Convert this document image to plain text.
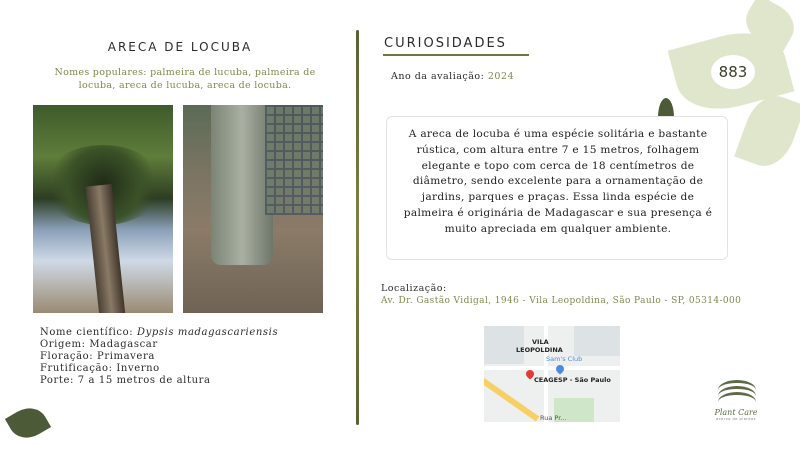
883
ARECA DE LOCUBA
Nomes populares: palmeira de lucuba, palmeira de locuba, areca de lucuba, areca de locuba.
Nome científico: Dypsis madagascariensis
Origem: Madagascar
Floração: Primavera
Frutificação: Inverno
Porte: 7 a 15 metros de altura
CURIOSIDADES
Ano da avaliação: 2024

A areca de locuba é uma espécie solitária e bastante rústica, com altura entre 7 e 15 metros, folhagem elegante e topo com cerca de 18 centímetros de diâmetro, sendo excelente para a ornamentação de jardins, parques e praças. Essa linda espécie de palmeira é originária de Madagascar e sua presença é muito apreciada em qualquer ambiente.

Localização:
Av. Dr. Gastão Vidigal, 1946 - Vila Leopoldina, São Paulo - SP, 05314-000
VILA
LEOPOLDINA
Sam's Club
CEAGESP - São Paulo
Rua Pr...
Plant Care
acervo de plantas
